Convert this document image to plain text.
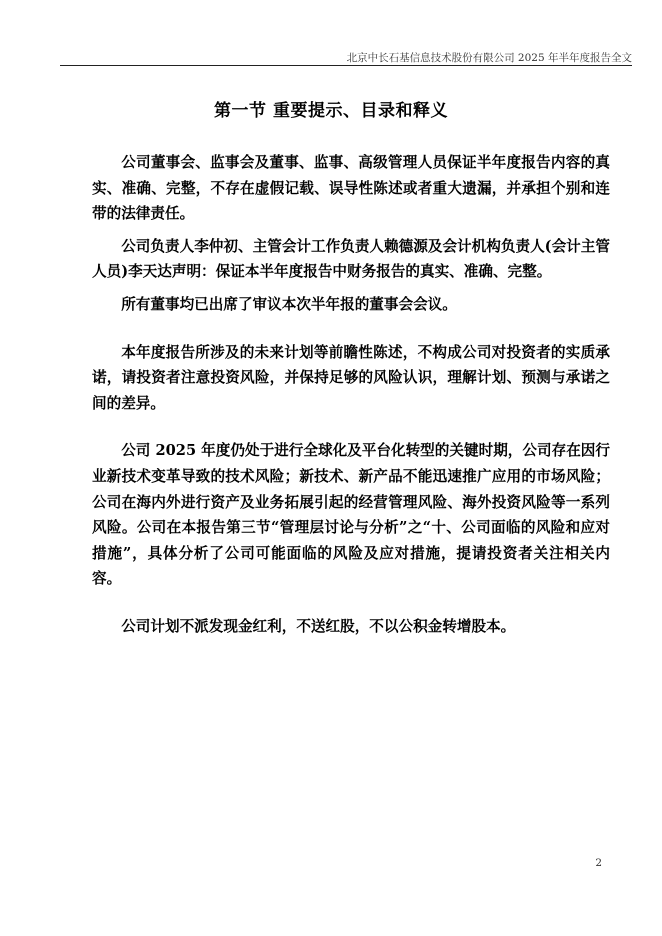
北京中长石基信息技术股份有限公司 2025 年半年度报告全文
第一节 重要提示、目录和释义

公司董事会、监事会及董事、监事、高级管理人员保证半年度报告内容的真实、准确、完整，不存在虚假记载、误导性陈述或者重大遗漏，并承担个别和连带的法律责任。

公司负责人李仲初、主管会计工作负责人赖德源及会计机构负责人(会计主管人员)李天达声明：保证本半年度报告中财务报告的真实、准确、完整。

所有董事均已出席了审议本次半年报的董事会会议。

本年度报告所涉及的未来计划等前瞻性陈述，不构成公司对投资者的实质承诺，请投资者注意投资风险，并保持足够的风险认识，理解计划、预测与承诺之间的差异。

公司 2025 年度仍处于进行全球化及平台化转型的关键时期，公司存在因行业新技术变革导致的技术风险；新技术、新产品不能迅速推广应用的市场风险；公司在海内外进行资产及业务拓展引起的经营管理风险、海外投资风险等一系列风险。公司在本报告第三节“管理层讨论与分析”之“十、公司面临的风险和应对措施”，具体分析了公司可能面临的风险及应对措施，提请投资者关注相关内容。

公司计划不派发现金红利，不送红股，不以公积金转增股本。

2
